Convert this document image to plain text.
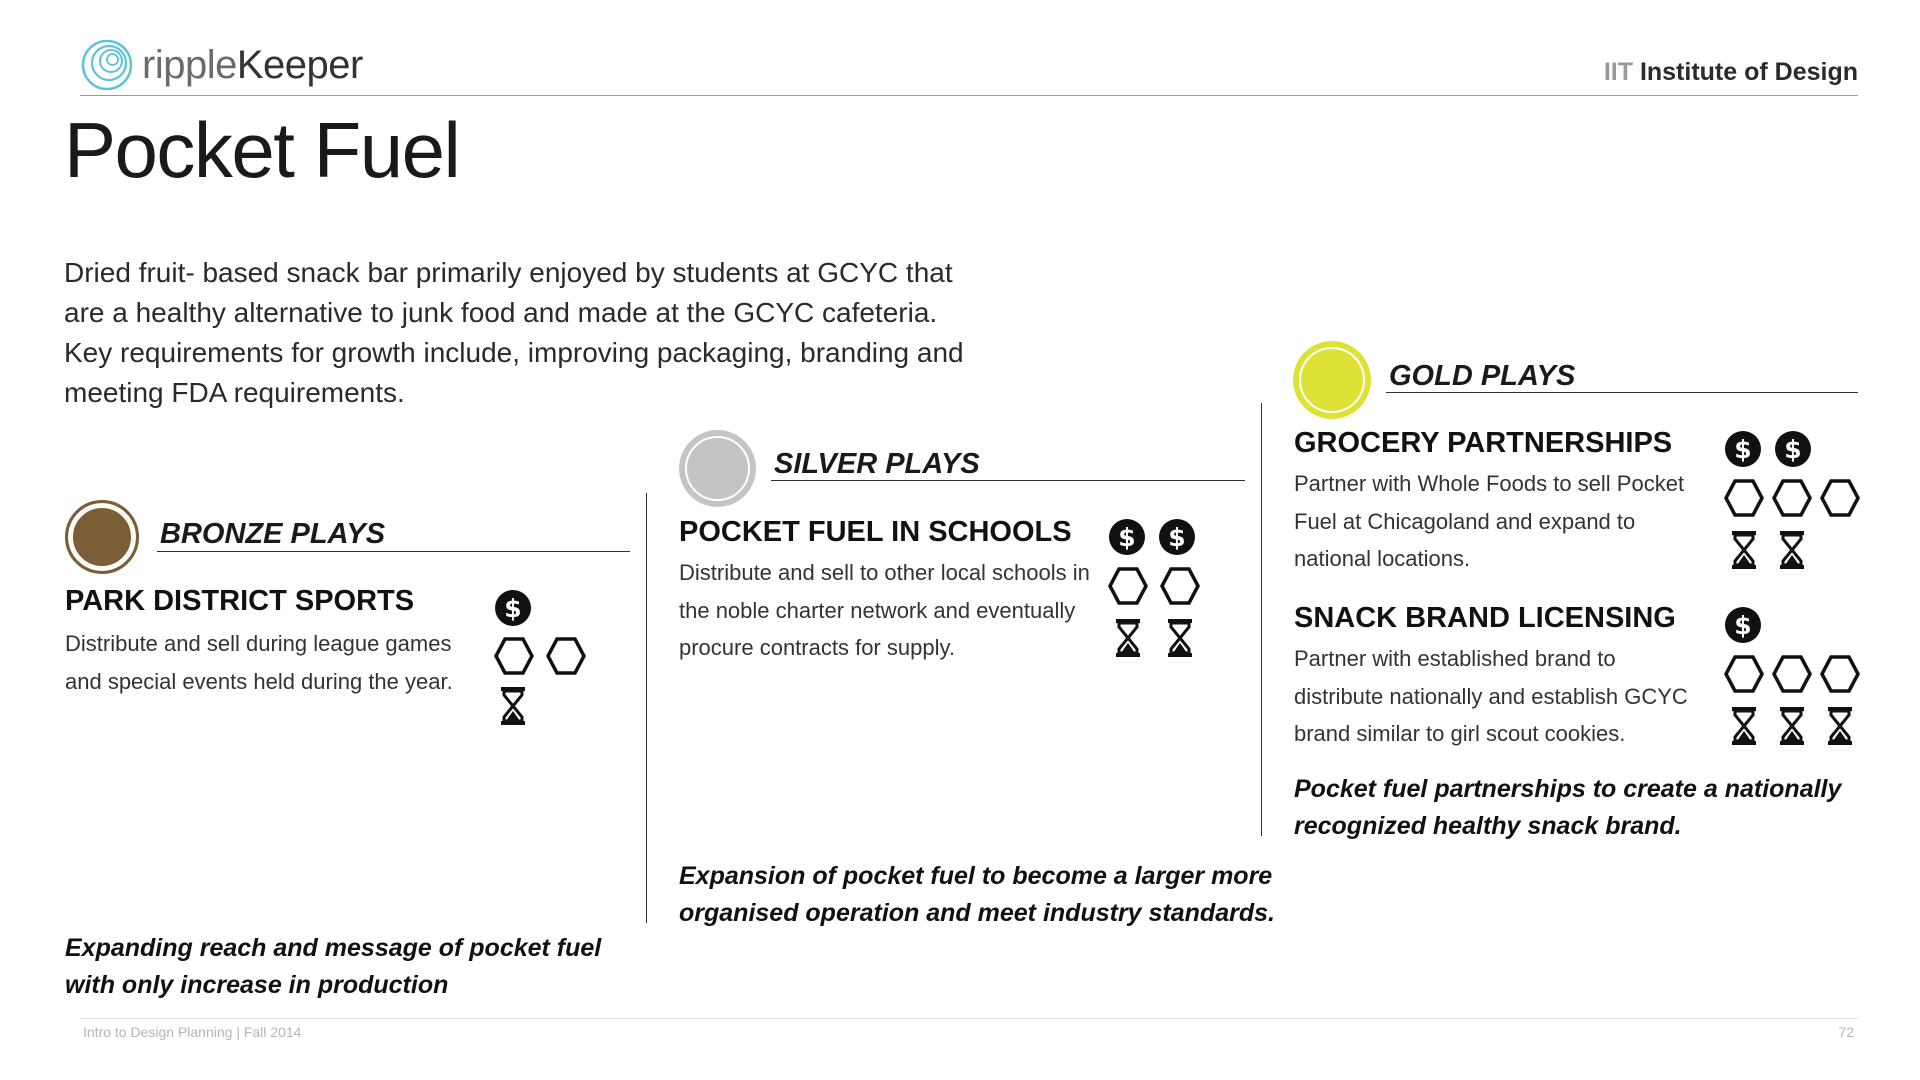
rippleKeeper	IIT Institute of Design
Pocket Fuel
Dried fruit- based snack bar primarily enjoyed by students at GCYC that are a healthy alternative to junk food and made at the GCYC cafeteria. Key requirements for growth include, improving packaging, branding and meeting FDA requirements.
BRONZE PLAYS
PARK DISTRICT SPORTS
Distribute and sell during league games and special events held during the year.
$
Expanding reach and message of pocket fuel with only increase in production
SILVER PLAYS
POCKET FUEL IN SCHOOLS
Distribute and sell to other local schools in the noble charter network and eventually procure contracts for supply.
$ $
Expansion of pocket fuel to become a larger more organised operation and meet industry standards.
GOLD PLAYS
GROCERY PARTNERSHIPS
Partner with Whole Foods to sell Pocket Fuel at Chicagoland and expand to national locations.
$ $
SNACK BRAND LICENSING
Partner with established brand to distribute nationally and establish GCYC brand similar to girl scout cookies.
$
Pocket fuel partnerships to create a nationally recognized healthy snack brand.
Intro to Design Planning | Fall 2014	72
